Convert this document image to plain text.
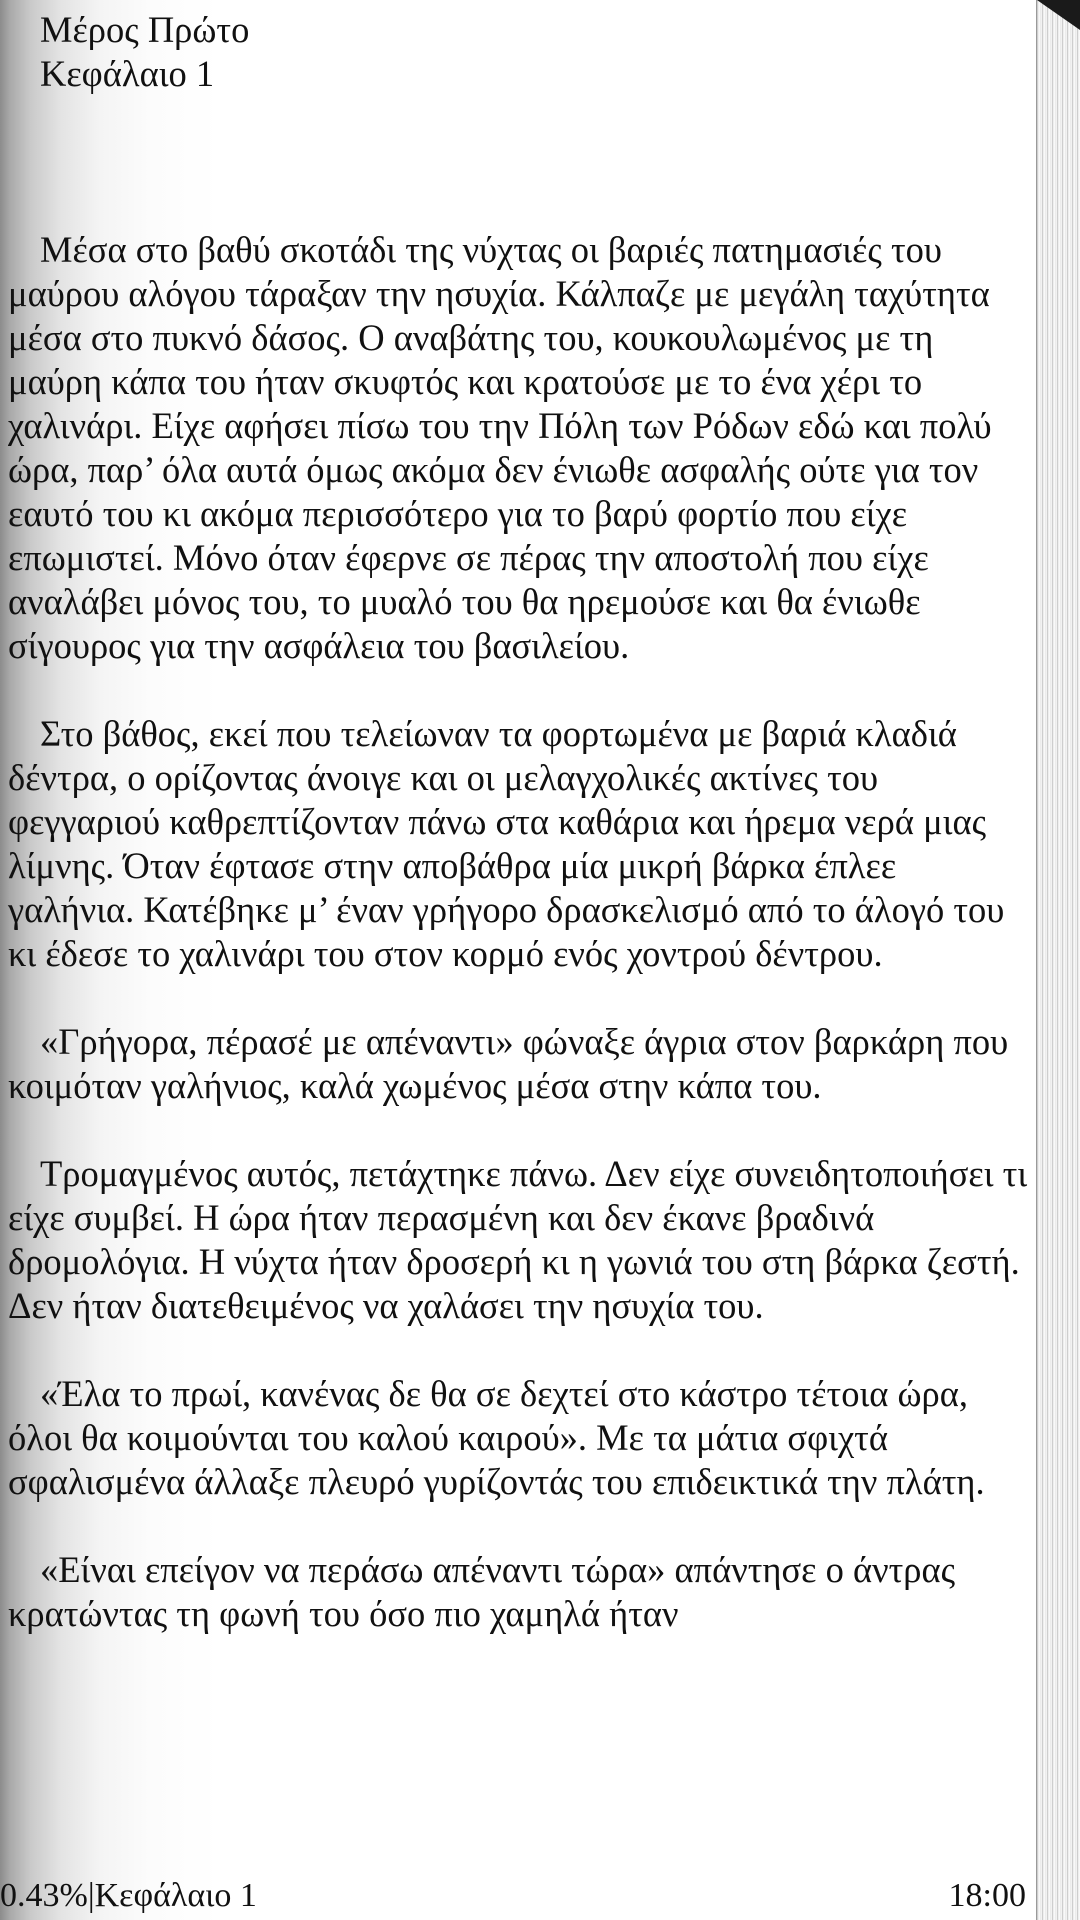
Μέρος Πρώτο

Κεφάλαιο 1

Μέσα στο βαθύ σκοτάδι της νύχτας οι βαριές πατημασιές του μαύρου αλόγου τάραξαν την ησυχία. Κάλπαζε με μεγάλη ταχύτητα μέσα στο πυκνό δάσος. Ο αναβάτης του, κουκουλωμένος με τη μαύρη κάπα του ήταν σκυφτός και κρατούσε με το ένα χέρι το χαλινάρι. Είχε αφήσει πίσω του την Πόλη των Ρόδων εδώ και πολύ ώρα, παρ’ όλα αυτά όμως ακόμα δεν ένιωθε ασφαλής ούτε για τον εαυτό του κι ακόμα περισσότερο για το βαρύ φορτίο που είχε επωμιστεί. Μόνο όταν έφερνε σε πέρας την αποστολή που είχε αναλάβει μόνος του, το μυαλό του θα ηρεμούσε και θα ένιωθε σίγουρος για την ασφάλεια του βασιλείου.

Στο βάθος, εκεί που τελείωναν τα φορτωμένα με βαριά κλαδιά δέντρα, ο ορίζοντας άνοιγε και οι μελαγχολικές ακτίνες του φεγγαριού καθρεπτίζονταν πάνω στα καθάρια και ήρεμα νερά μιας λίμνης. Όταν έφτασε στην αποβάθρα μία μικρή βάρκα έπλεε γαλήνια. Κατέβηκε μ’ έναν γρήγορο δρασκελισμό από το άλογό του κι έδεσε το χαλινάρι του στον κορμό ενός χοντρού δέντρου.

«Γρήγορα, πέρασέ με απέναντι» φώναξε άγρια στον βαρκάρη που κοιμόταν γαλήνιος, καλά χωμένος μέσα στην κάπα του.

Τρομαγμένος αυτός, πετάχτηκε πάνω. Δεν είχε συνειδητοποιήσει τι είχε συμβεί. Η ώρα ήταν περασμένη και δεν έκανε βραδινά δρομολόγια. Η νύχτα ήταν δροσερή κι η γωνιά του στη βάρκα ζεστή. Δεν ήταν διατεθειμένος να χαλάσει την ησυχία του.

«Έλα το πρωί, κανένας δε θα σε δεχτεί στο κάστρο τέτοια ώρα, όλοι θα κοιμούνται του καλού καιρού». Με τα μάτια σφιχτά σφαλισμένα άλλαξε πλευρό γυρίζοντάς του επιδεικτικά την πλάτη.

«Είναι επείγον να περάσω απέναντι τώρα» απάντησε ο άντρας κρατώντας τη φωνή του όσο πιο χαμηλά ήταν

0.43%|Κεφάλαιο 1	18:00
